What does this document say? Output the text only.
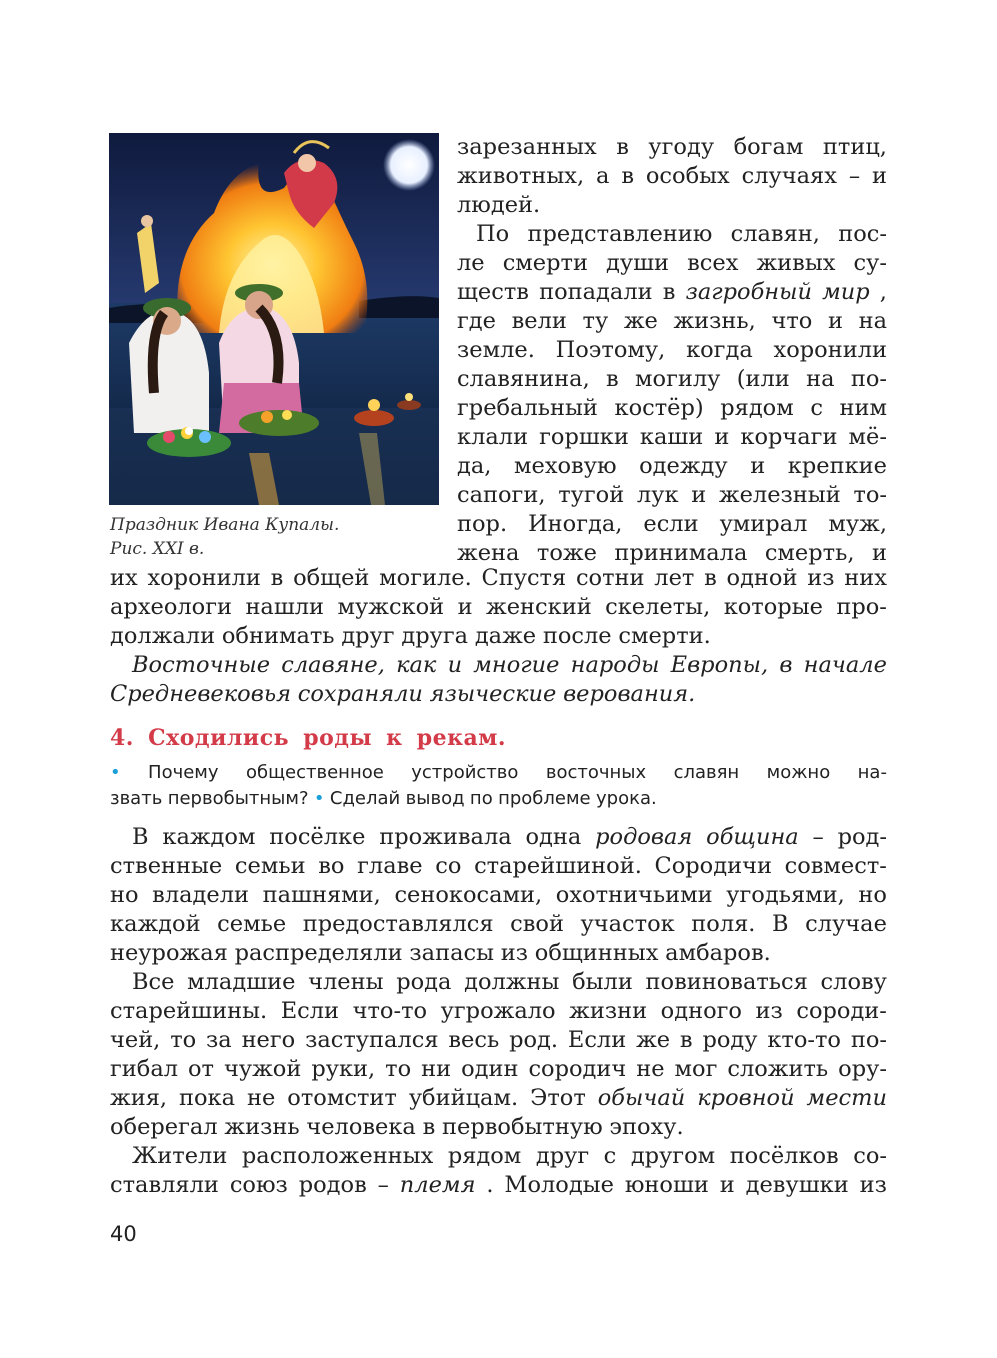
Праздник Ивана Купалы.
Рис. XXI в.
зарезанных в угоду богам птиц,
животных, а в особых случаях – и
людей.
По представлению славян, пос-
ле смерти души всех живых су-
ществ попадали в загробный мир ,
где вели ту же жизнь, что и на
земле. Поэтому, когда хоронили
славянина, в могилу (или на по-
гребальный костёр) рядом с ним
клали горшки каши и корчаги мё-
да, меховую одежду и крепкие
сапоги, тугой лук и железный то-
пор. Иногда, если умирал муж,
жена тоже принимала смерть, и
их хоронили в общей могиле. Спустя сотни лет в одной из них
археологи нашли мужской и женский скелеты, которые про-
должали обнимать друг друга даже после смерти.
Восточные славяне, как и многие народы Европы, в начале
Средневековья сохраняли языческие верования.
4. Сходились роды к рекам.
• Почему общественное устройство восточных славян можно на-
звать первобытным? • Сделай вывод по проблеме урока.
В каждом посёлке проживала одна родовая община – род-
ственные семьи во главе со старейшиной. Сородичи совмест-
но владели пашнями, сенокосами, охотничьими угодьями, но
каждой семье предоставлялся свой участок поля. В случае
неурожая распределяли запасы из общинных амбаров.
Все младшие члены рода должны были повиноваться слову
старейшины. Если что-то угрожало жизни одного из сороди-
чей, то за него заступался весь род. Если же в роду кто-то по-
гибал от чужой руки, то ни один сородич не мог сложить ору-
жия, пока не отомстит убийцам. Этот обычай кровной мести
оберегал жизнь человека в первобытную эпоху.
Жители расположенных рядом друг с другом посёлков со-
ставляли союз родов – племя . Молодые юноши и девушки из
40
